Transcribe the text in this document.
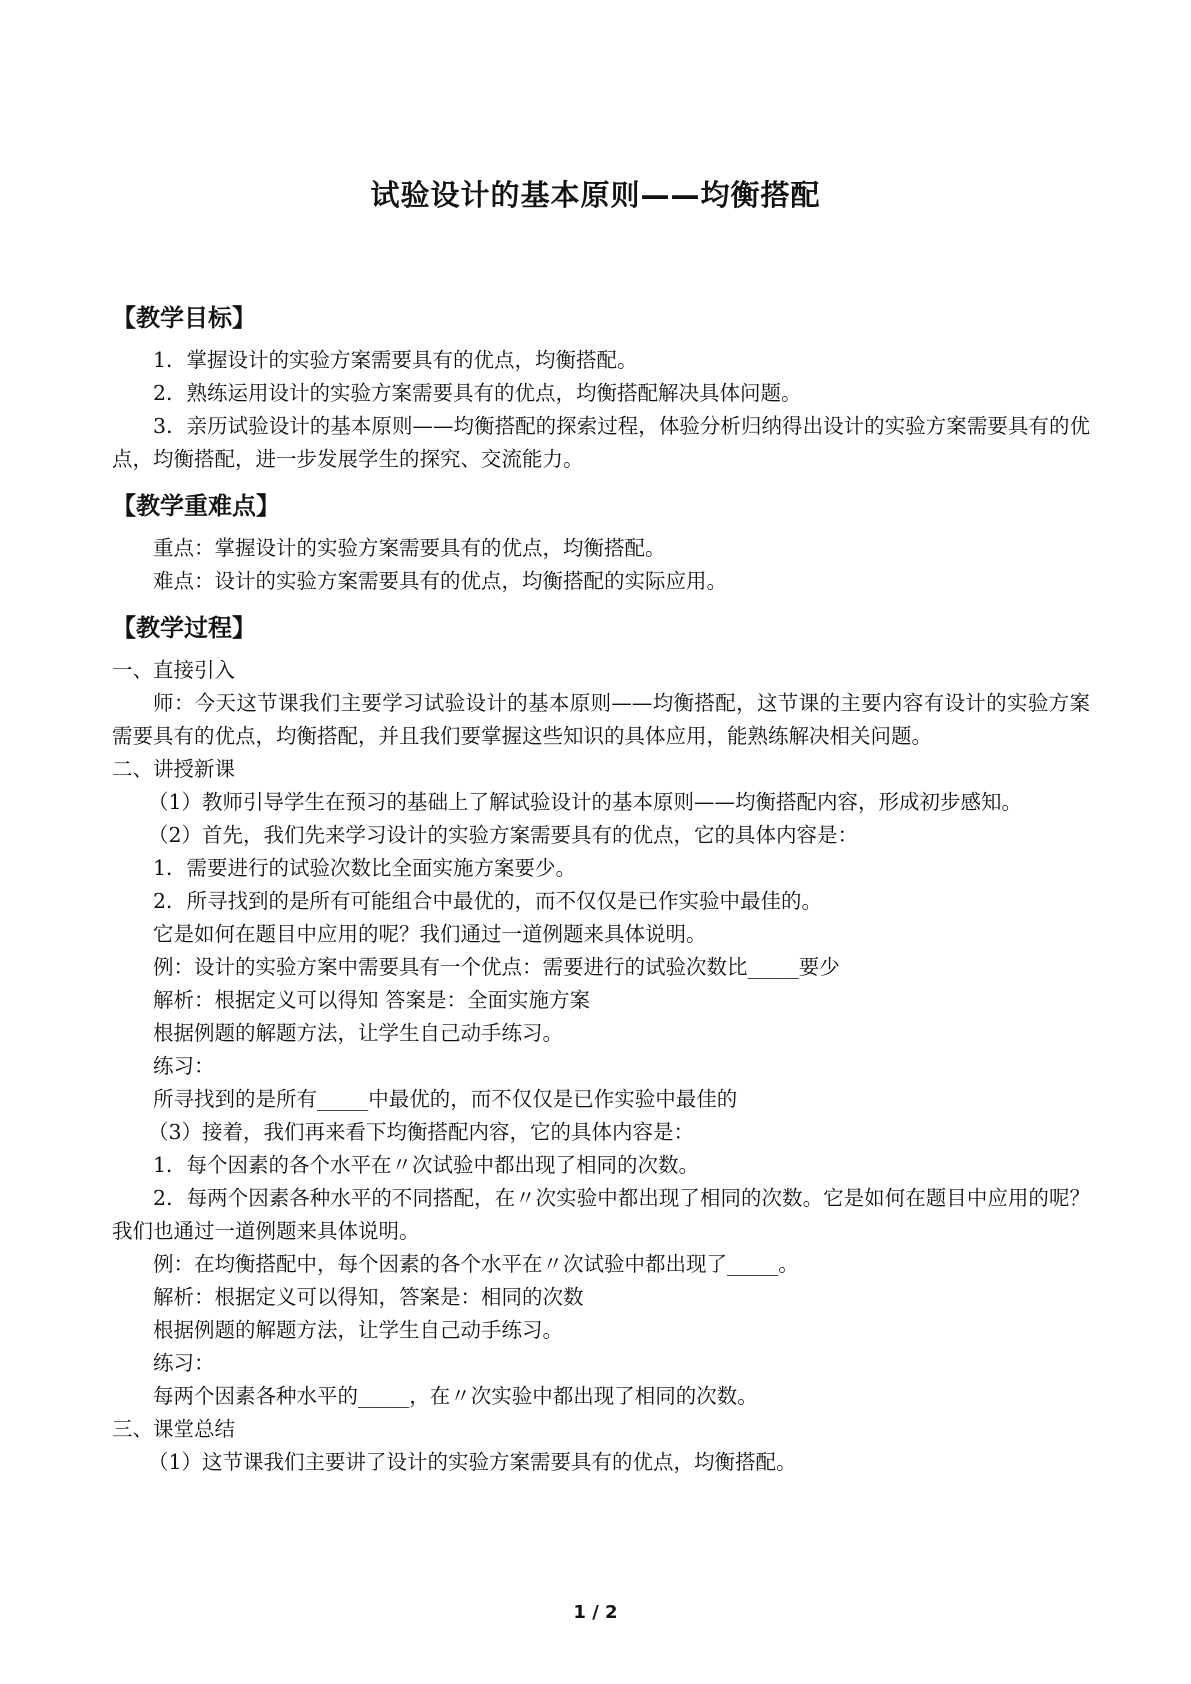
试验设计的基本原则——均衡搭配
【教学目标】

1．掌握设计的实验方案需要具有的优点，均衡搭配。

2．熟练运用设计的实验方案需要具有的优点，均衡搭配解决具体问题。

3．亲历试验设计的基本原则——均衡搭配的探索过程，体验分析归纳得出设计的实验方案需要具有的优点，均衡搭配，进一步发展学生的探究、交流能力。

【教学重难点】

重点：掌握设计的实验方案需要具有的优点，均衡搭配。

难点：设计的实验方案需要具有的优点，均衡搭配的实际应用。

【教学过程】

一、直接引入

师：今天这节课我们主要学习试验设计的基本原则——均衡搭配，这节课的主要内容有设计的实验方案需要具有的优点，均衡搭配，并且我们要掌握这些知识的具体应用，能熟练解决相关问题。

二、讲授新课

（1）教师引导学生在预习的基础上了解试验设计的基本原则——均衡搭配内容，形成初步感知。

（2）首先，我们先来学习设计的实验方案需要具有的优点，它的具体内容是：

1．需要进行的试验次数比全面实施方案要少。

2．所寻找到的是所有可能组合中最优的，而不仅仅是已作实验中最佳的。

它是如何在题目中应用的呢？我们通过一道例题来具体说明。

例：设计的实验方案中需要具有一个优点：需要进行的试验次数比_____要少

解析：根据定义可以得知 答案是：全面实施方案

根据例题的解题方法，让学生自己动手练习。

练习：

所寻找到的是所有_____中最优的，而不仅仅是已作实验中最佳的

（3）接着，我们再来看下均衡搭配内容，它的具体内容是：

1．每个因素的各个水平在〃次试验中都出现了相同的次数。

2．每两个因素各种水平的不同搭配，在〃次实验中都出现了相同的次数。它是如何在题目中应用的呢？我们也通过一道例题来具体说明。

例：在均衡搭配中，每个因素的各个水平在〃次试验中都出现了_____。

解析：根据定义可以得知，答案是：相同的次数

根据例题的解题方法，让学生自己动手练习。

练习：

每两个因素各种水平的_____，在〃次实验中都出现了相同的次数。

三、课堂总结

（1）这节课我们主要讲了设计的实验方案需要具有的优点，均衡搭配。

1 / 2
